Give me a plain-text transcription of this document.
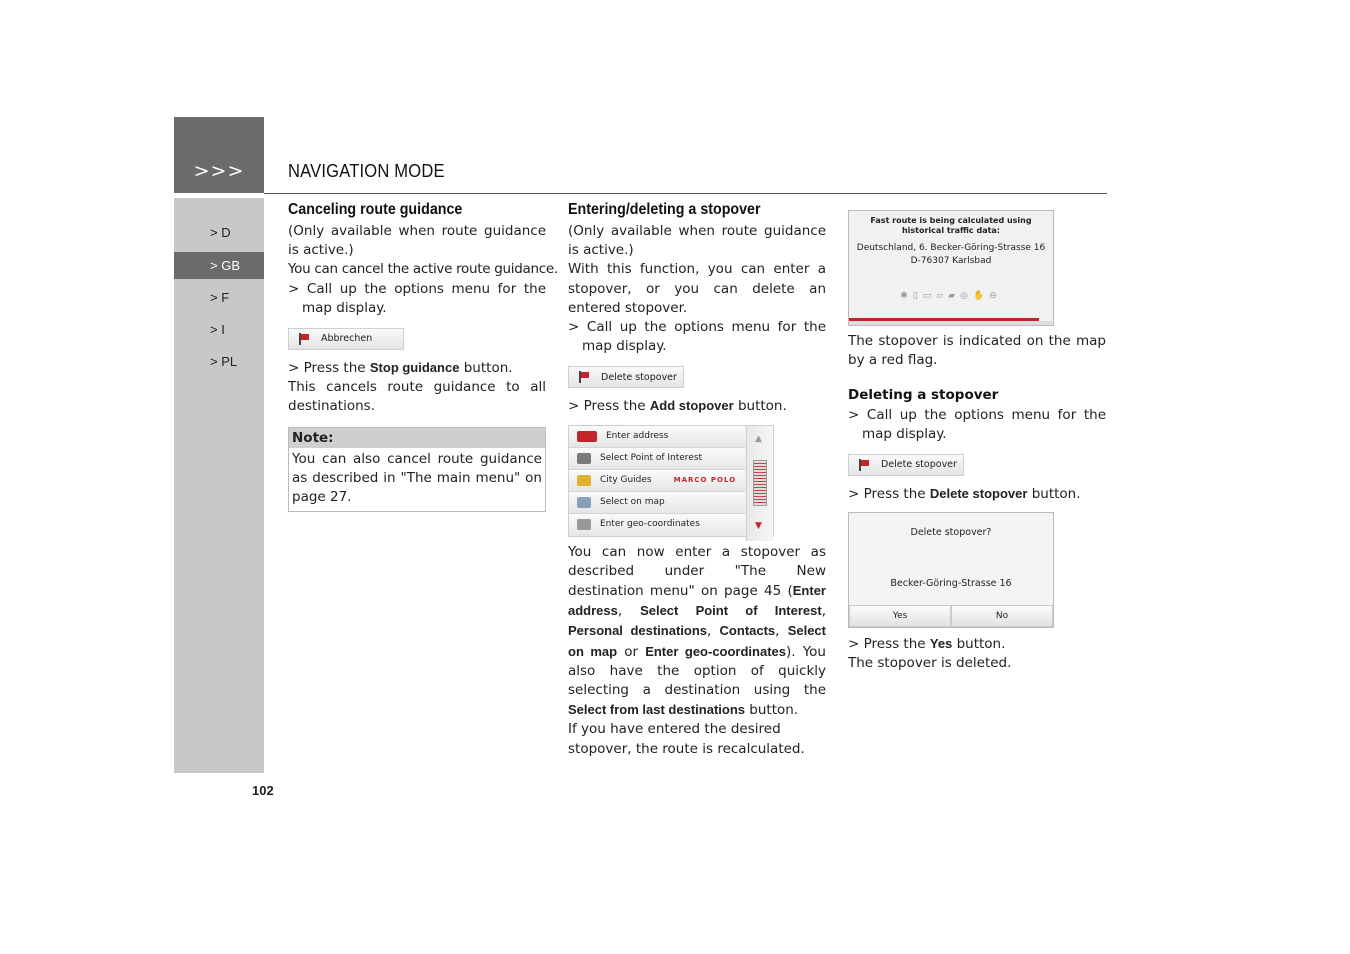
>>>	NAVIGATION MODE
> D
> GB
> F
> I
> PL
102
Canceling route guidance

(Only available when route guidance is active.)

You can cancel the active route guidance.

> Call up the options menu for the map display.

Abbrechen

> Press the Stop guidance button.

This cancels route guidance to all destinations.

Note:
You can also cancel route guidance as described in "The main menu" on page 27.
Entering/deleting a stopover

(Only available when route guidance is active.)

With this function, you can enter a stopover, or you can delete an entered stopover.

> Call up the options menu for the map display.

Delete stopover

> Press the Add stopover button.

Enter address
Select Point of Interest
City Guides	MARCO POLO
Select on map
Enter geo-coordinates
▲
▼

You can now enter a stopover as described under "The New destination menu" on page 45 (Enter address, Select Point of Interest, Personal destinations, Contacts, Select on map or Enter geo-coordinates). You also have the option of quickly selecting a destination using the Select from last destinations button.

If you have entered the desired stopover, the route is recalculated.

Fast route is being calculated using historical traffic data:
Deutschland, 6. Becker-Göring-Strasse 16
D-76307 Karlsbad
✱▯▭▱▰◎✋⊖

The stopover is indicated on the map by a red flag.

Deleting a stopover

> Call up the options menu for the map display.

Delete stopover

> Press the Delete stopover button.

Delete stopover?
Becker-Göring-Strasse 16
Yes	No

> Press the Yes button.

The stopover is deleted.
